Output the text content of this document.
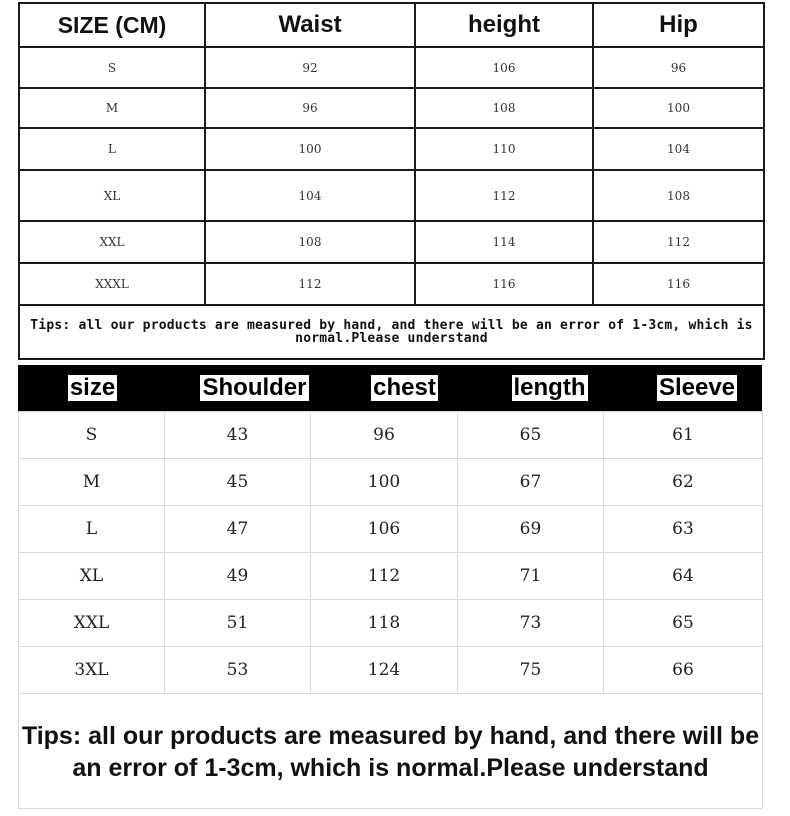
SIZE (CM)	Waist	height	Hip
S	92	106	96
M	96	108	100
L	100	110	104
XL	104	112	108
XXL	108	114	112
XXXL	112	116	116
Tips: all our products are measured by hand, and there will be an error of 1-3cm, which is normal.Please understand			
size	Shoulder	chest	length	Sleeve
S	43	96	65	61
M	45	100	67	62
L	47	106	69	63
XL	49	112	71	64
XXL	51	118	73	65
3XL	53	124	75	66
Tips: all our products are measured by hand, and there will be an error of 1-3cm, which is normal.Please understand				
